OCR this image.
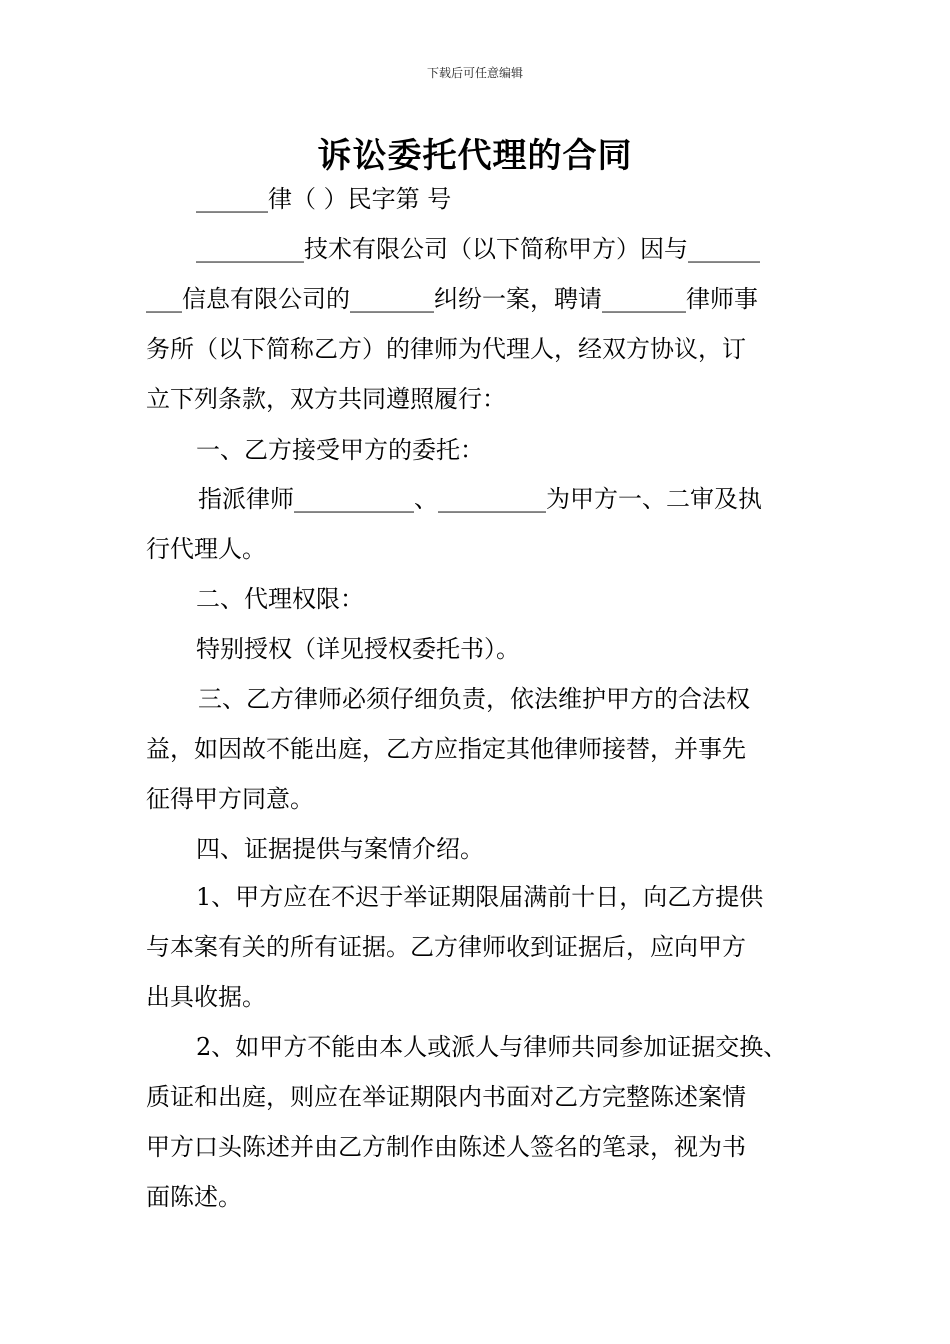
下载后可任意编辑
诉讼委托代理的合同
______律（ ）民字第 号
_________技术有限公司（以下简称甲方）因与______
___信息有限公司的_______纠纷一案，聘请_______律师事
务所（以下简称乙方）的律师为代理人，经双方协议，订
立下列条款，双方共同遵照履行：
一、乙方接受甲方的委托：
指派律师__________、_________为甲方一、二审及执
行代理人。
二、代理权限：
特别授权（详见授权委托书）。
三、乙方律师必须仔细负责，依法维护甲方的合法权
益，如因故不能出庭，乙方应指定其他律师接替，并事先
征得甲方同意。
四、证据提供与案情介绍。
1、甲方应在不迟于举证期限届满前十日，向乙方提供
与本案有关的所有证据。乙方律师收到证据后，应向甲方
出具收据。
2、如甲方不能由本人或派人与律师共同参加证据交换、
质证和出庭，则应在举证期限内书面对乙方完整陈述案情
甲方口头陈述并由乙方制作由陈述人签名的笔录，视为书
面陈述。
